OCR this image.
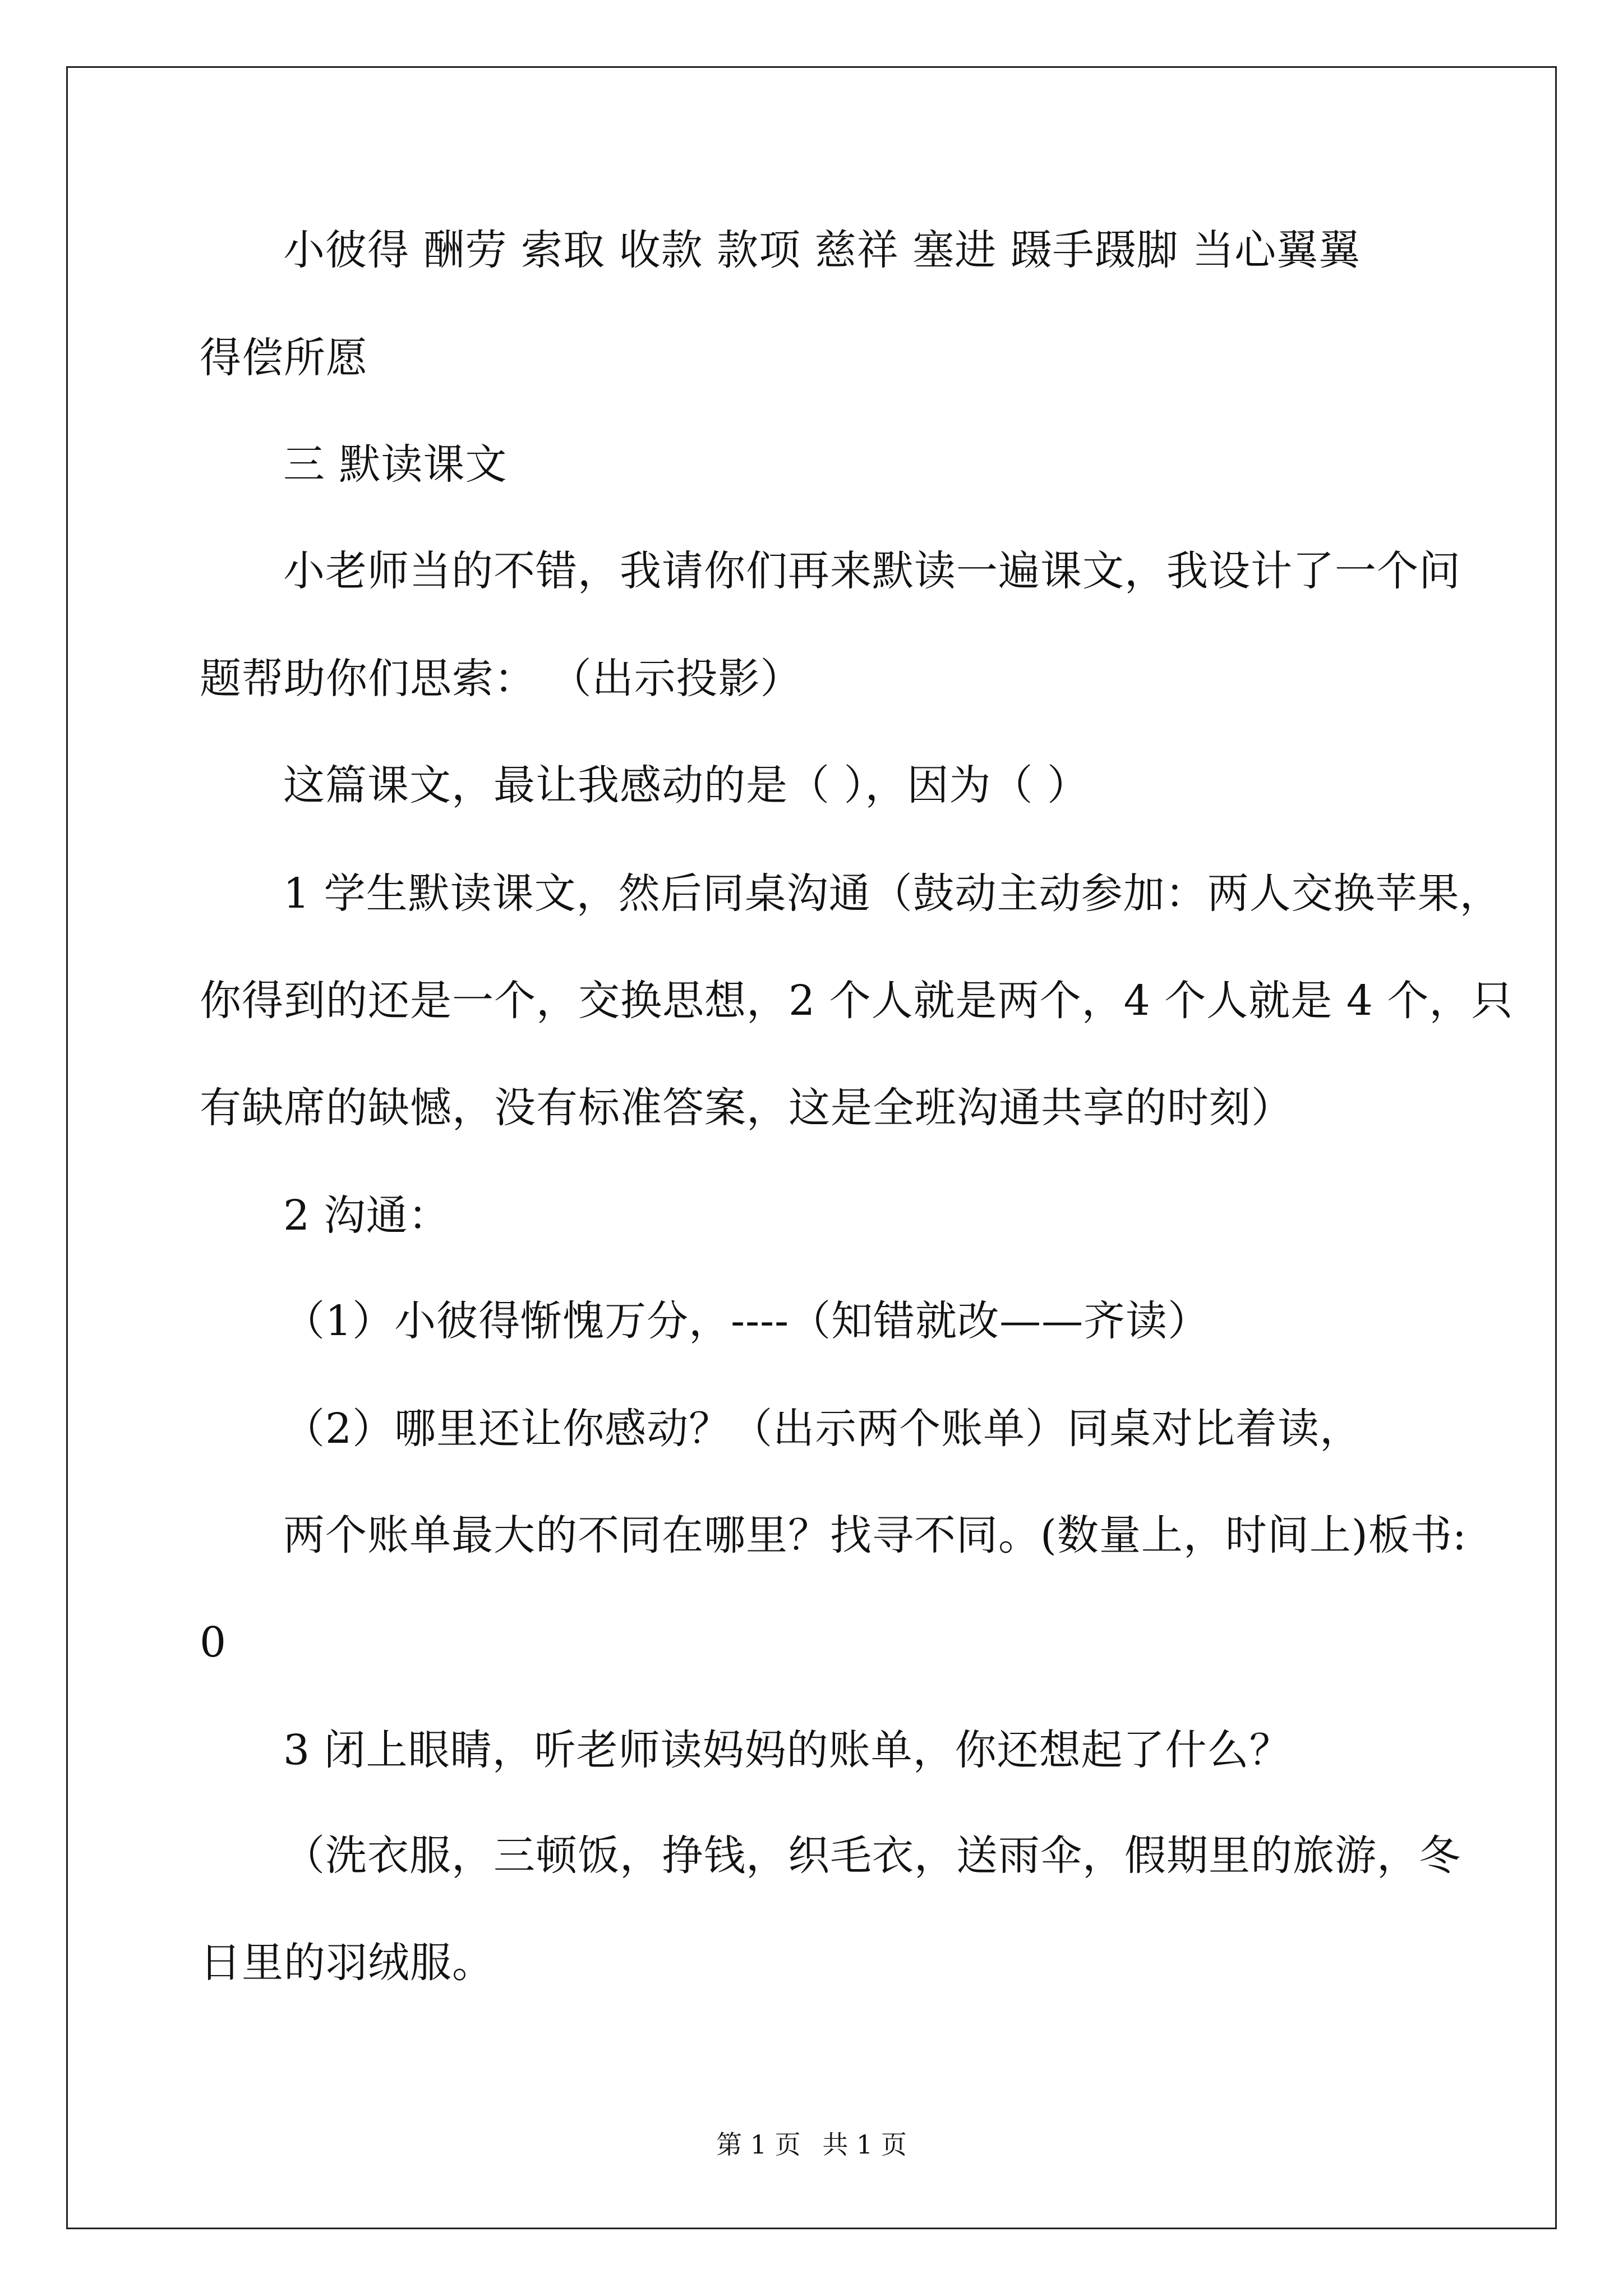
小彼得 酬劳 索取 收款 款项 慈祥 塞进 蹑手蹑脚 当心翼翼
得偿所愿
三 默读课文
小老师当的不错，我请你们再来默读一遍课文，我设计了一个问
题帮助你们思索： （出示投影）
这篇课文，最让我感动的是（ ），因为（ ）
1 学生默读课文，然后同桌沟通（鼓动主动参加：两人交换苹果，
你得到的还是一个，交换思想，2 个人就是两个，4 个人就是 4 个，只
有缺席的缺憾，没有标准答案，这是全班沟通共享的时刻）
2 沟通：
（1）小彼得惭愧万分，----（知错就改——齐读）
（2）哪里还让你感动？（出示两个账单）同桌对比着读，
两个账单最大的不同在哪里？找寻不同。(数量上，时间上)板书:
0
3 闭上眼睛，听老师读妈妈的账单，你还想起了什么？
（洗衣服，三顿饭，挣钱，织毛衣，送雨伞，假期里的旅游，冬
日里的羽绒服。
第 1 页 共 1 页
